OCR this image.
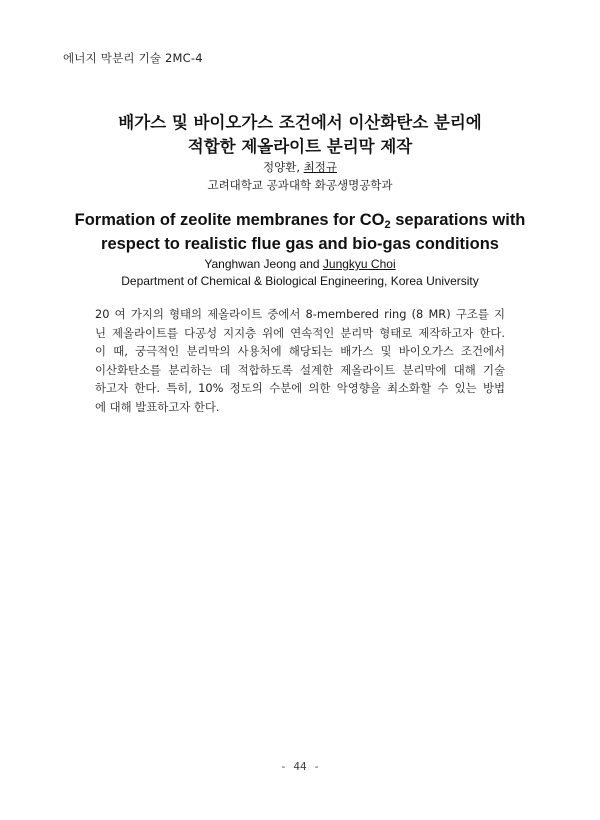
에너지 막분리 기술 2MC-4
배가스 및 바이오가스 조건에서 이산화탄소 분리에
적합한 제올라이트 분리막 제작
정양환, 최정규
고려대학교 공과대학 화공생명공학과
Formation of zeolite membranes for $CO_2$ separations with
respect to realistic flue gas and bio-gas conditions
Yanghwan Jeong and Jungkyu Choi
Department of Chemical & Biological Engineering, Korea University
20 여 가지의 형태의 제올라이트 중에서 8-membered ring (8 MR) 구조를 지
닌 제올라이트를 다공성 지지층 위에 연속적인 분리막 형태로 제작하고자 한다.
이 때, 궁극적인 분리막의 사용처에 해당되는 배가스 및 바이오가스 조건에서
이산화탄소를 분리하는 데 적합하도록 설계한 제올라이트 분리막에 대해 기술
하고자 한다. 특히, 10% 정도의 수분에 의한 악영향을 최소화할 수 있는 방법
에 대해 발표하고자 한다.
- 44 -
